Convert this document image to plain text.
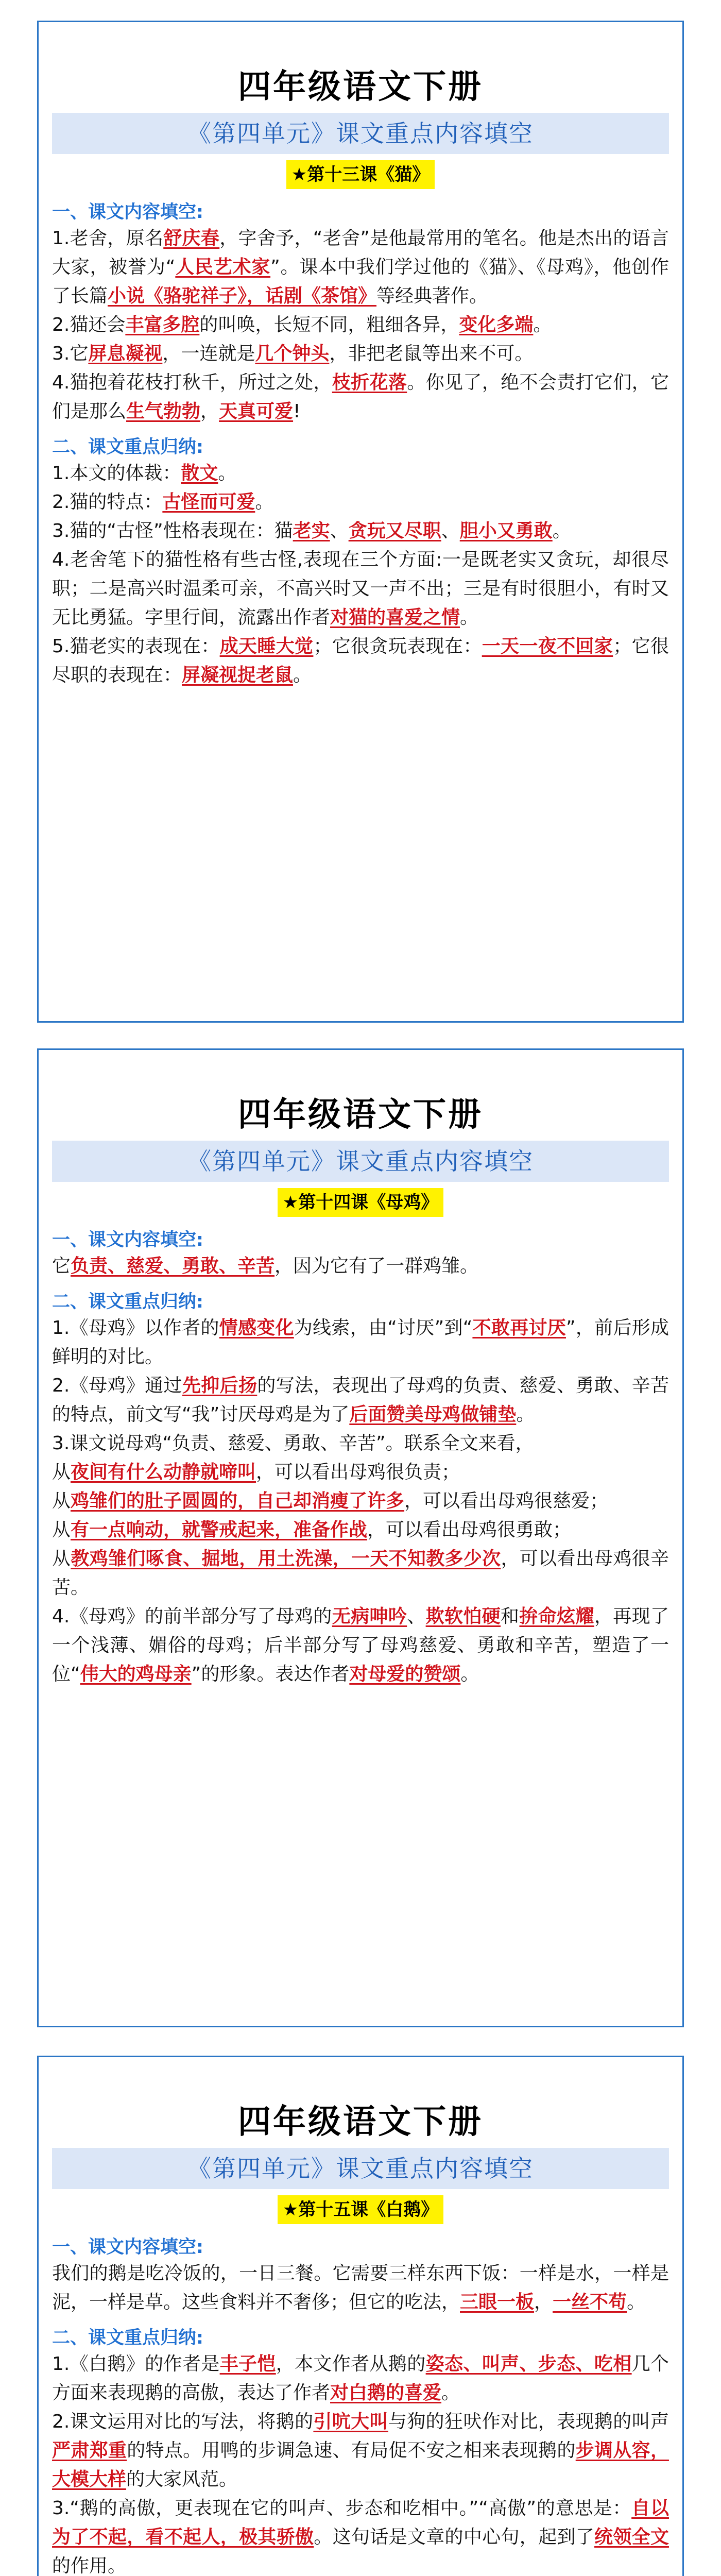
四年级语文下册
《第四单元》课文重点内容填空
★第十三课《猫》
一、课文内容填空:
1.老舍，原名舒庆春，字舍予，“老舍”是他最常用的笔名。他是杰出的语言大家，被誉为“人民艺术家”。课本中我们学过他的《猫》、《母鸡》，他创作了长篇小说《骆驼祥子》，话剧《茶馆》等经典著作。
2.猫还会丰富多腔的叫唤，长短不同，粗细各异，变化多端。
3.它屏息凝视，一连就是几个钟头，非把老鼠等出来不可。
4.猫抱着花枝打秋千，所过之处，枝折花落。你见了，绝不会责打它们，它们是那么生气勃勃，天真可爱!
二、课文重点归纳:
1.本文的体裁：散文。
2.猫的特点：古怪而可爱。
3.猫的“古怪”性格表现在：猫老实、贪玩又尽职、胆小又勇敢。
4.老舍笔下的猫性格有些古怪,表现在三个方面:一是既老实又贪玩，却很尽职；二是高兴时温柔可亲，不高兴时又一声不出；三是有时很胆小，有时又无比勇猛。字里行间，流露出作者对猫的喜爱之情。
5.猫老实的表现在：成天睡大觉；它很贪玩表现在：一天一夜不回家；它很尽职的表现在：屏凝视捉老鼠。
四年级语文下册
《第四单元》课文重点内容填空
★第十四课《母鸡》
一、课文内容填空:
它负责、慈爱、勇敢、辛苦，因为它有了一群鸡雏。
二、课文重点归纳:
1.《母鸡》以作者的情感变化为线索，由“讨厌”到“不敢再讨厌”，前后形成鲜明的对比。
2.《母鸡》通过先抑后扬的写法，表现出了母鸡的负责、慈爱、勇敢、辛苦的特点，前文写“我”讨厌母鸡是为了后面赞美母鸡做铺垫。
3.课文说母鸡“负责、慈爱、勇敢、辛苦”。联系全文来看，
从夜间有什么动静就啼叫，可以看出母鸡很负责；
从鸡雏们的肚子圆圆的，自己却消瘦了许多，可以看出母鸡很慈爱；
从有一点响动，就警戒起来，准备作战，可以看出母鸡很勇敢；
从教鸡雏们啄食、掘地，用土洗澡，一天不知教多少次，可以看出母鸡很辛苦。
4.《母鸡》的前半部分写了母鸡的无病呻吟、欺软怕硬和拚命炫耀，再现了一个浅薄、媚俗的母鸡；后半部分写了母鸡慈爱、勇敢和辛苦，塑造了一位“伟大的鸡母亲”的形象。表达作者对母爱的赞颂。
四年级语文下册
《第四单元》课文重点内容填空
★第十五课《白鹅》
一、课文内容填空:
我们的鹅是吃冷饭的，一日三餐。它需要三样东西下饭：一样是水，一样是泥，一样是草。这些食料并不奢侈；但它的吃法，三眼一板，一丝不苟。
二、课文重点归纳:
1.《白鹅》的作者是丰子恺，本文作者从鹅的姿态、叫声、步态、吃相几个方面来表现鹅的高傲，表达了作者对白鹅的喜爱。
2.课文运用对比的写法，将鹅的引吭大叫与狗的狂吠作对比，表现鹅的叫声严肃郑重的特点。用鸭的步调急速、有局促不安之相来表现鹅的步调从容，大模大样的大家风范。
3.“鹅的高傲，更表现在它的叫声、步态和吃相中。”“高傲”的意思是：自以为了不起，看不起人，极其骄傲。这句话是文章的中心句，起到了统领全文的作用。
